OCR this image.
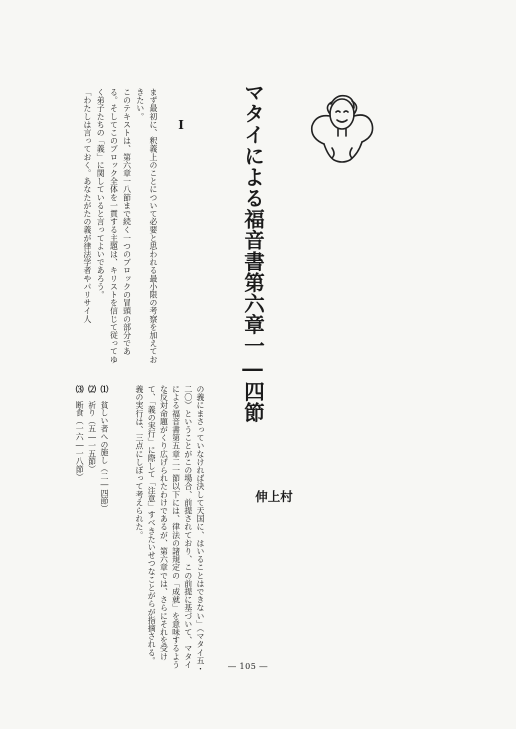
マタイによる福音書第六章一―四節
村
上
伸
I

まず最初に、釈義上のことについて必要と思われる最小限の考察を加えておきたい。

このテキストは、第六章一八節まで続く一つのブロックの冒頭の部分である。そしてこのブロック全体を一貫する主題は、キリストを信じて従ってゆく弟子たちの「義」に関していると言ってよいであろう。

「わたしは言っておく。あなたがたの義が律法学者やパリサイ人

の義にまさっていなければ決して天国に、はいることはできない」（マタイ五・二〇）ということがこの場合、前提されており、この前提に基づいて、マタイによる福音書第五章二一節以下には、律法の諸規定の「成就」を意味するような反対命題がくり広げられたわけであるが、第六章では、さらにそれを受けて、「義の実行」に際して「注意」すべきたいせつなことがらが指摘される。

義の実行は、三点にしぼって考えられた。

⑴　貧しい者への施し（二―四節）
⑵　祈り（五―一五節）
⑶　断食（一六―一八節）
― 105 ―
